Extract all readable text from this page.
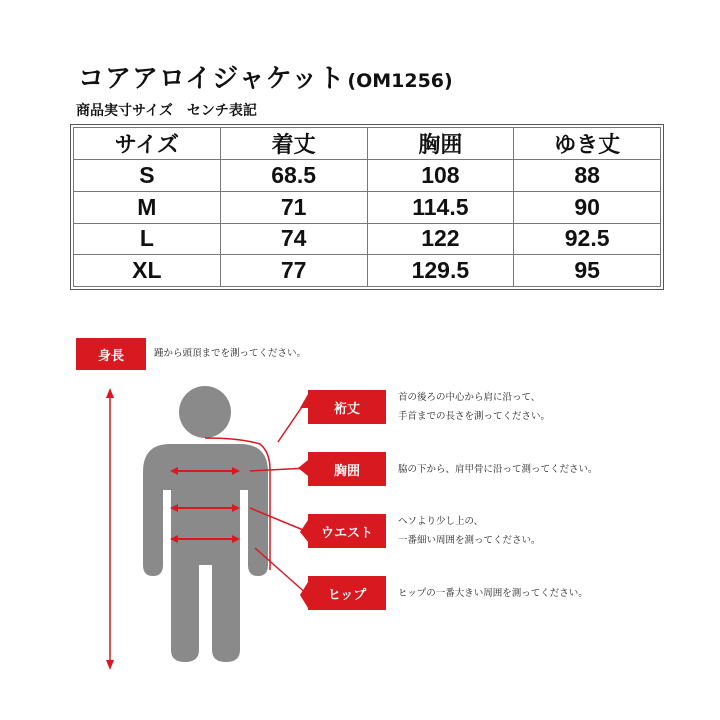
コアアロイジャケット (OM1256)
商品実寸サイズ　センチ表記
サイズ	着丈	胸囲	ゆき丈
S	68.5	108	88
M	71	114.5	90
L	74	122	92.5
XL	77	129.5	95
身長	踵から頭頂までを測ってください。
裄丈
首の後ろの中心から肩に沿って、
手首までの長さを測ってください。
胸囲	脇の下から、肩甲骨に沿って測ってください。
ウエスト
ヘソより少し上の、
一番細い周囲を測ってください。
ヒップ	ヒップの一番大きい周囲を測ってください。
